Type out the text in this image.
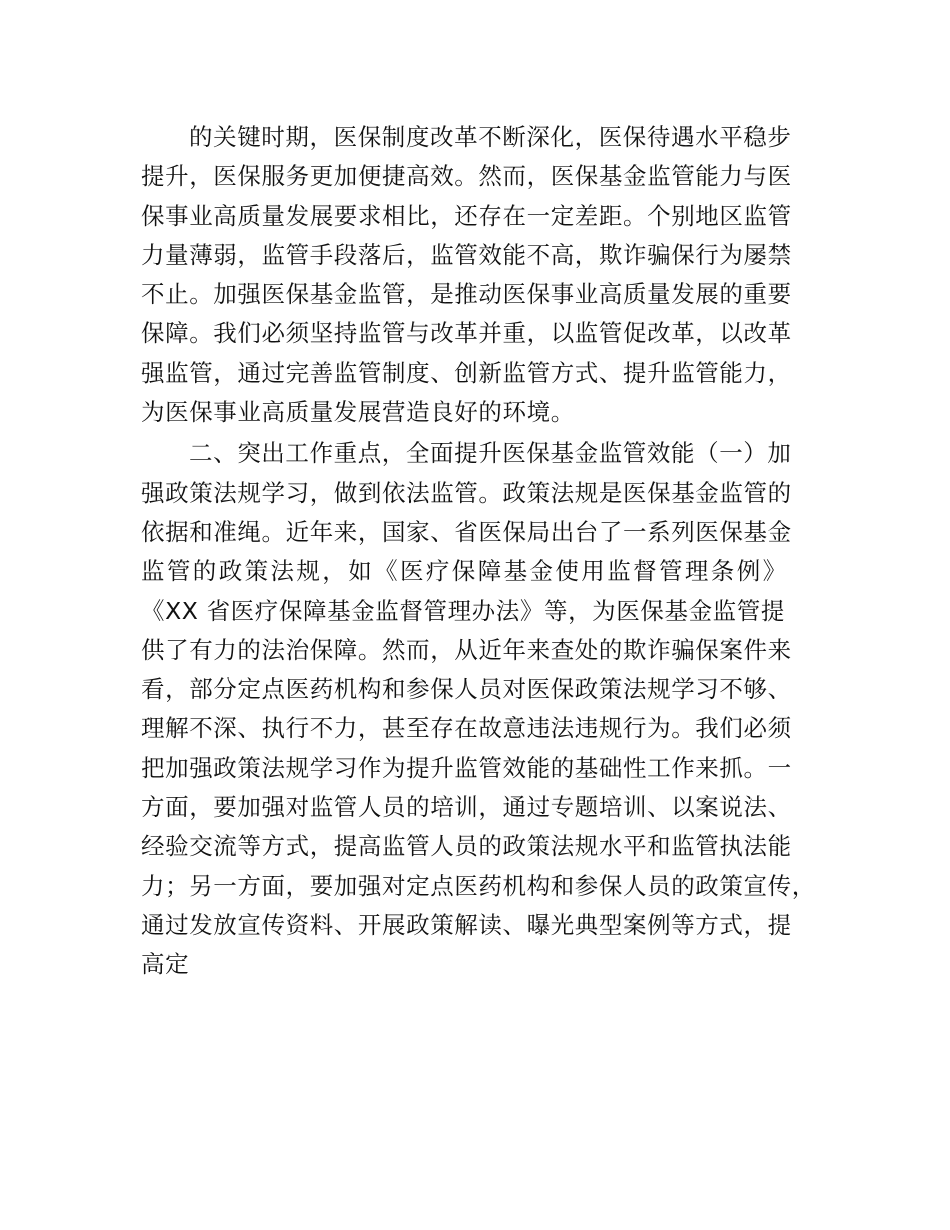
的关键时期，医保制度改革不断深化，医保待遇水平稳步
提升，医保服务更加便捷高效。然而，医保基金监管能力与医
保事业高质量发展要求相比，还存在一定差距。个别地区监管
力量薄弱，监管手段落后，监管效能不高，欺诈骗保行为屡禁
不止。加强医保基金监管，是推动医保事业高质量发展的重要
保障。我们必须坚持监管与改革并重，以监管促改革，以改革
强监管，通过完善监管制度、创新监管方式、提升监管能力，
为医保事业高质量发展营造良好的环境。
二、突出工作重点，全面提升医保基金监管效能（一）加
强政策法规学习，做到依法监管。政策法规是医保基金监管的
依据和准绳。近年来，国家、省医保局出台了一系列医保基金
监管的政策法规，如《医疗保障基金使用监督管理条例》
《XX 省医疗保障基金监督管理办法》等，为医保基金监管提
供了有力的法治保障。然而，从近年来查处的欺诈骗保案件来
看，部分定点医药机构和参保人员对医保政策法规学习不够、
理解不深、执行不力，甚至存在故意违法违规行为。我们必须
把加强政策法规学习作为提升监管效能的基础性工作来抓。一
方面，要加强对监管人员的培训，通过专题培训、以案说法、
经验交流等方式，提高监管人员的政策法规水平和监管执法能
力；另一方面，要加强对定点医药机构和参保人员的政策宣传，
通过发放宣传资料、开展政策解读、曝光典型案例等方式，提
高定
